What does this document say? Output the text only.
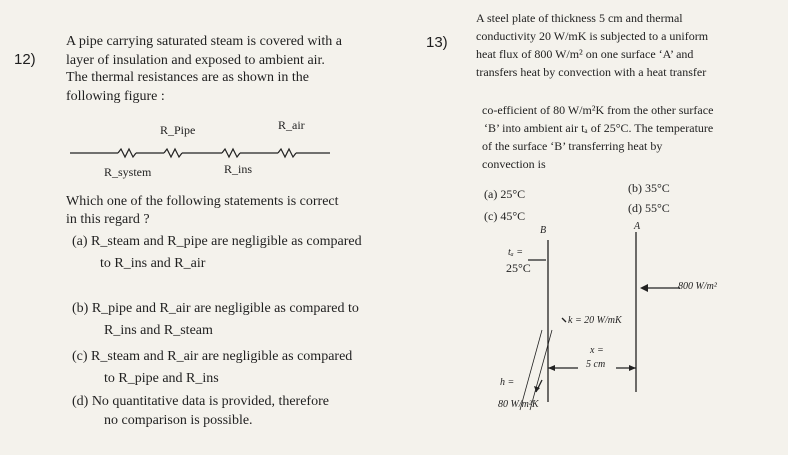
12)
A pipe carrying saturated steam is covered with a
layer of insulation and exposed to ambient air.
The thermal resistances are as shown in the
following figure :
R_Pipe	R_air
R_system	R_ins
Which one of the following statements is correct
in this regard ?
(a) R_steam and R_pipe are negligible as compared
to R_ins and R_air
(b) R_pipe and R_air are negligible as compared to
R_ins and R_steam
(c) R_steam and R_air are negligible as compared
to R_pipe and R_ins
(d) No quantitative data is provided, therefore
no comparison is possible.
13)
A steel plate of thickness 5 cm and thermal
conductivity 20 W/mK is subjected to a uniform
heat flux of 800 W/m² on one surface ‘A’ and
transfers heat by convection with a heat transfer
co-efficient of 80 W/m²K from the other surface
‘B’ into ambient air tₐ of 25°C. The temperature
of the surface ‘B’ transferring heat by
convection is
(a) 25°C	(b) 35°C
(c) 45°C
(d) 55°C
B	A
tₐ =
25°C
800 W/m²
k = 20 W/mK
x =
5 cm
h =
80 W/m²K
